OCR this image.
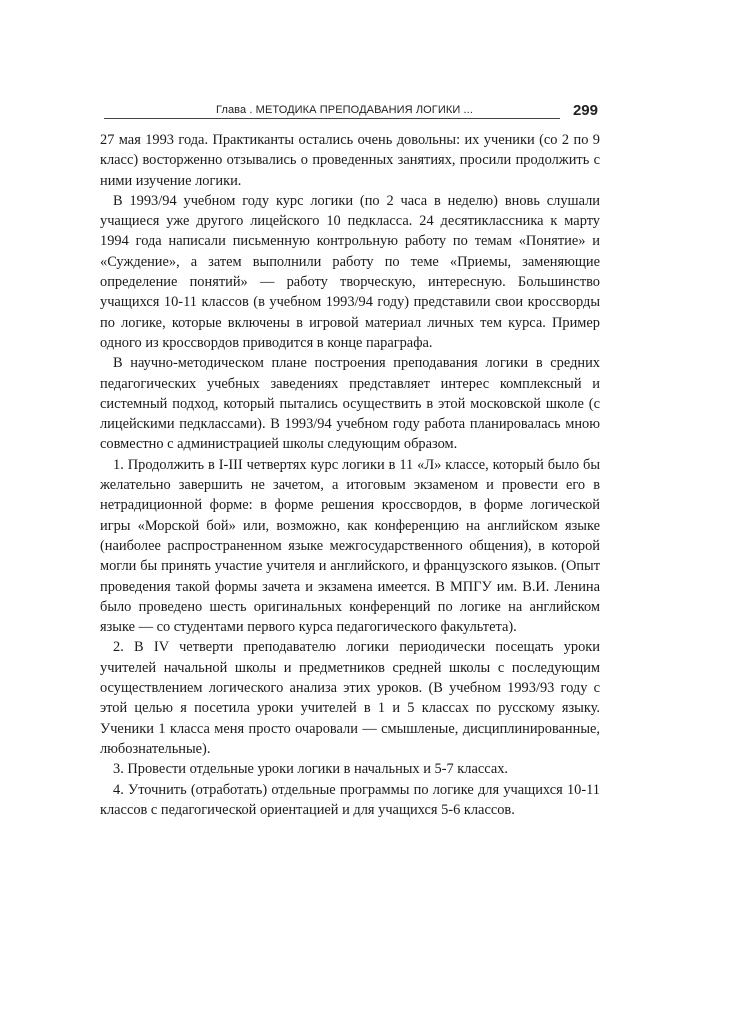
Глава . МЕТОДИКА ПРЕПОДАВАНИЯ ЛОГИКИ ...	299

27 мая 1993 года. Практиканты остались очень довольны: их ученики (со 2 по 9 класс) восторженно отзывались о проведенных занятиях, просили продолжить с ними изучение логики.

В 1993/94 учебном году курс логики (по 2 часа в неделю) вновь слушали учащиеся уже другого лицейского 10 педкласса. 24 десятиклассника к марту 1994 года написали письменную контрольную работу по темам «Понятие» и «Суждение», а затем выполнили работу по теме «Приемы, заменяющие определение понятий» — работу творческую, интересную. Большинство учащихся 10-11 классов (в учебном 1993/94 году) представили свои кроссворды по логике, которые включены в игровой материал личных тем курса. Пример одного из кроссвордов приводится в конце параграфа.

В научно-методическом плане построения преподавания логики в средних педагогических учебных заведениях представляет интерес комплексный и системный подход, который пытались осуществить в этой московской школе (с лицейскими педклассами). В 1993/94 учебном году работа планировалась мною совместно с администрацией школы следующим образом.

1. Продолжить в I-III четвертях курс логики в 11 «Л» классе, который было бы желательно завершить не зачетом, а итоговым экзаменом и провести его в нетрадиционной форме: в форме решения кроссвордов, в форме логической игры «Морской бой» или, возможно, как конференцию на английском языке (наиболее распространенном языке межгосударственного общения), в которой могли бы принять участие учителя и английского, и французского языков. (Опыт проведения такой формы зачета и экзамена имеется. В МПГУ им. В.И. Ленина было проведено шесть оригинальных конференций по логике на английском языке — со студентами первого курса педагогического факультета).

2. В IV четверти преподавателю логики периодически посещать уроки учителей начальной школы и предметников средней школы с последующим осуществлением логического анализа этих уроков. (В учебном 1993/93 году с этой целью я посетила уроки учителей в 1 и 5 классах по русскому языку. Ученики 1 класса меня просто очаровали — смышленые, дисциплинированные, любознательные).

3. Провести отдельные уроки логики в начальных и 5-7 классах.

4. Уточнить (отработать) отдельные программы по логике для учащихся 10-11 классов с педагогической ориентацией и для учащихся 5-6 классов.
